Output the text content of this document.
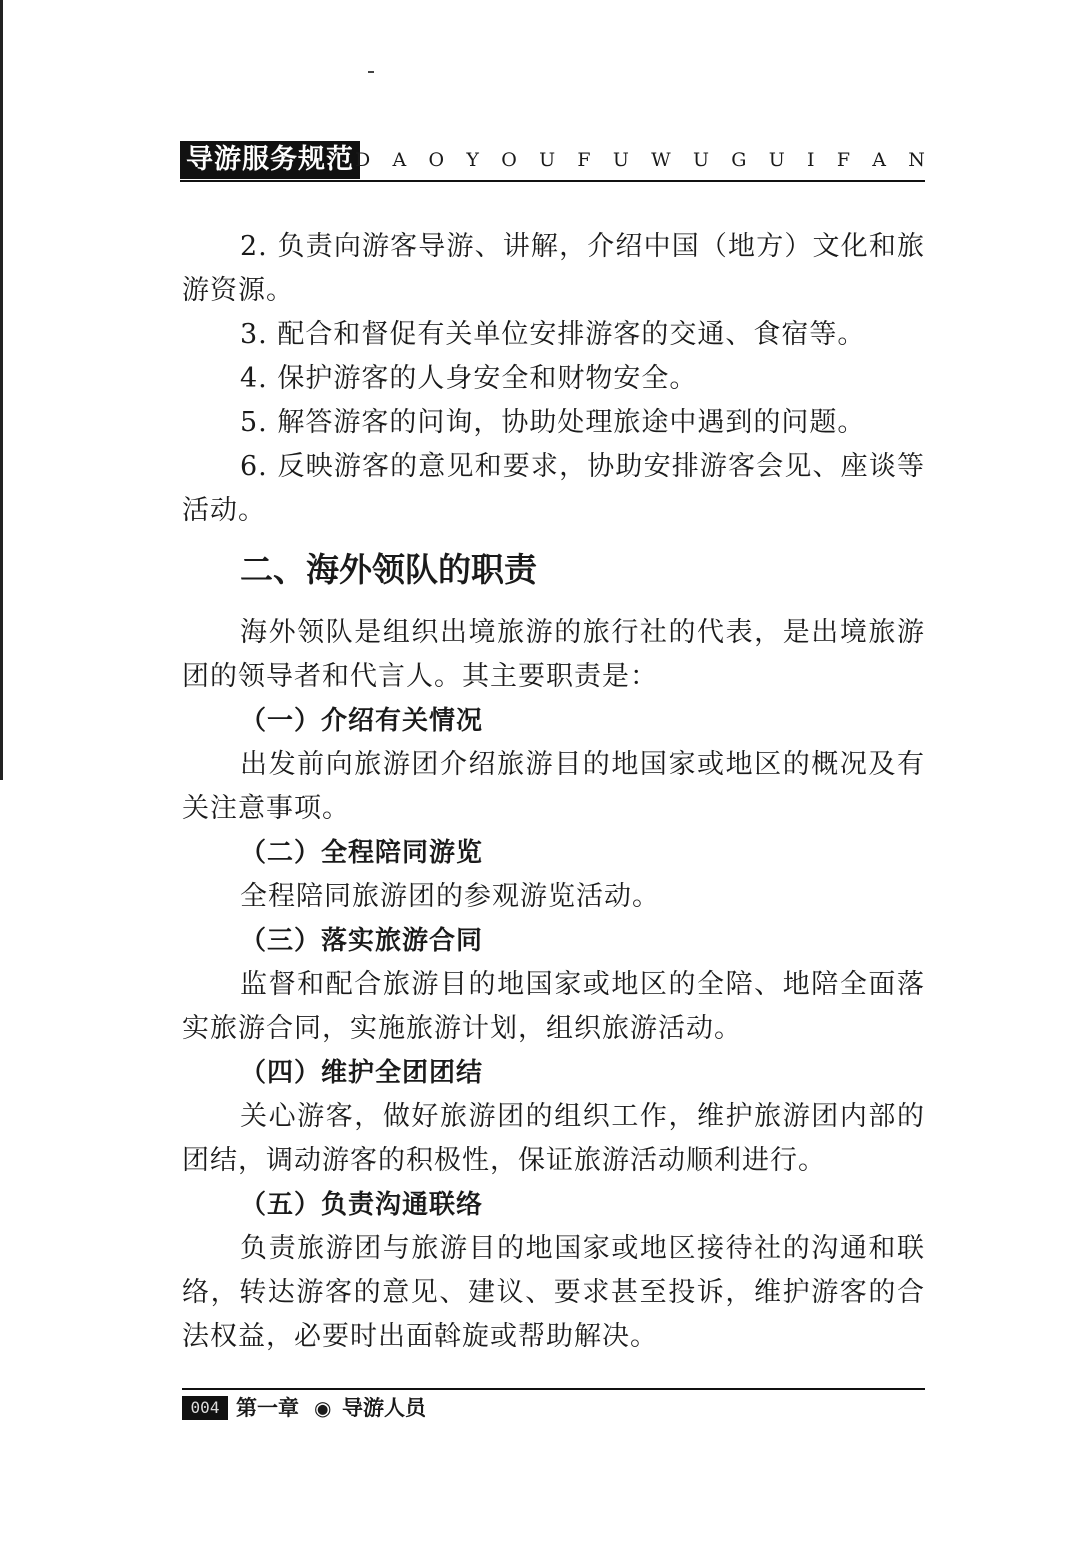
导游服务规范 D A O Y O U F U W U G U I F A N

2. 负责向游客导游、讲解，介绍中国（地方）文化和旅游资源。

3. 配合和督促有关单位安排游客的交通、食宿等。

4. 保护游客的人身安全和财物安全。

5. 解答游客的问询，协助处理旅途中遇到的问题。

6. 反映游客的意见和要求，协助安排游客会见、座谈等活动。

二、海外领队的职责

海外领队是组织出境旅游的旅行社的代表，是出境旅游团的领导者和代言人。其主要职责是：

（一）介绍有关情况

出发前向旅游团介绍旅游目的地国家或地区的概况及有关注意事项。

（二）全程陪同游览

全程陪同旅游团的参观游览活动。

（三）落实旅游合同

监督和配合旅游目的地国家或地区的全陪、地陪全面落实旅游合同，实施旅游计划，组织旅游活动。

（四）维护全团团结

关心游客，做好旅游团的组织工作，维护旅游团内部的团结，调动游客的积极性，保证旅游活动顺利进行。

（五）负责沟通联络

负责旅游团与旅游目的地国家或地区接待社的沟通和联络，转达游客的意见、建议、要求甚至投诉，维护游客的合法权益，必要时出面斡旋或帮助解决。

004 第一章 ◉ 导游人员
